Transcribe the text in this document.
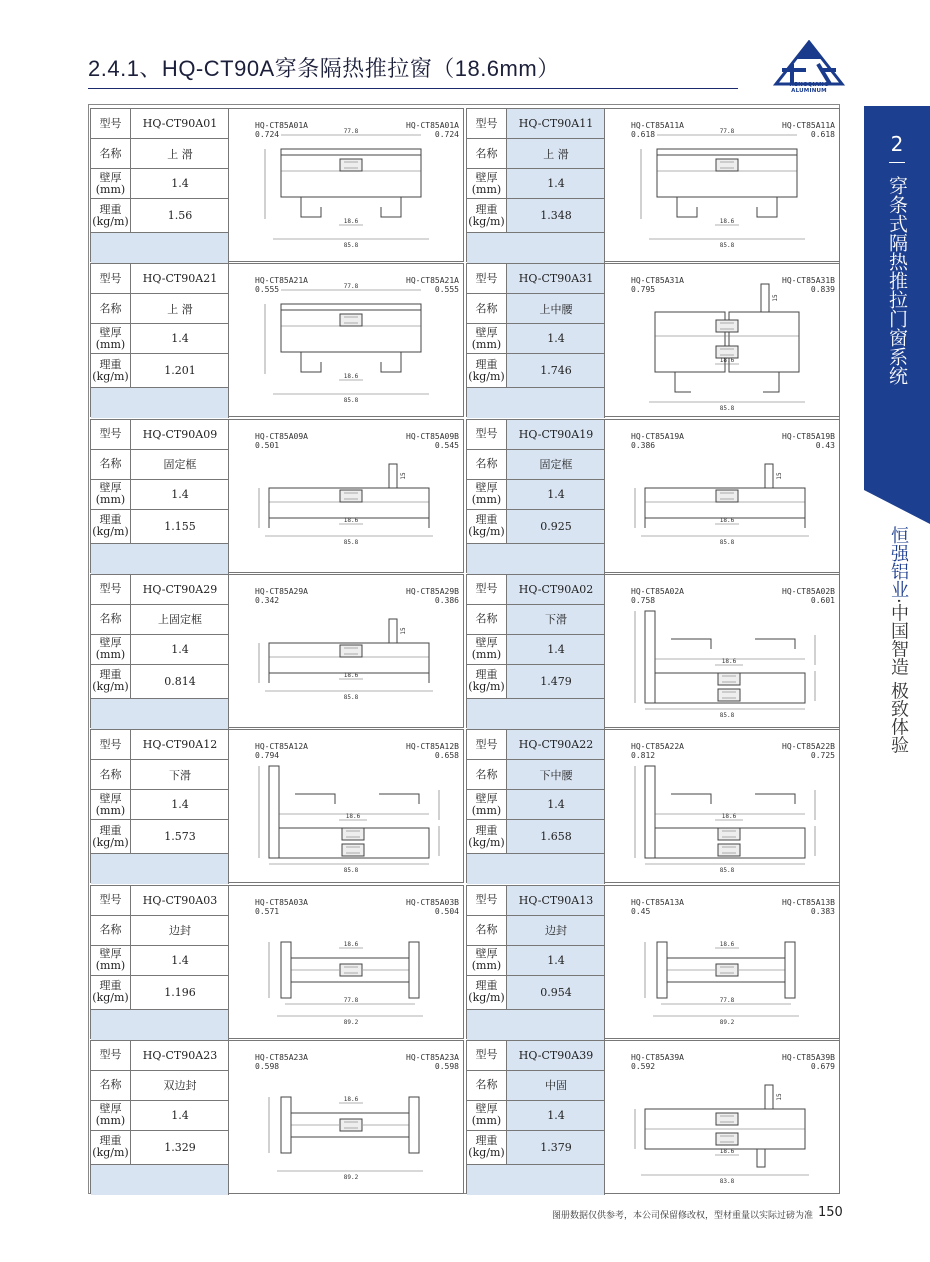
2.4.1、HQ-CT90A穿条隔热推拉窗（18.6mm）
HENGQIANG ALUMINUM
2
穿条式隔热推拉门窗系统
恒强铝业·中国智造 极致体验
型号	HQ-CT90A01
名称	上 滑
壁厚
(mm)	1.4
理重
(kg/m)	1.56
77.8
18.6
85.8
HQ-CT85A01A
0.724
HQ-CT85A01A
0.724
型号	HQ-CT90A11
名称	上 滑
壁厚
(mm)	1.4
理重
(kg/m)	1.348
77.8
18.6
85.8
HQ-CT85A11A
0.618
HQ-CT85A11A
0.618
型号	HQ-CT90A21
名称	上 滑
壁厚
(mm)	1.4
理重
(kg/m)	1.201
77.8
18.6
85.8
HQ-CT85A21A
0.555
HQ-CT85A21A
0.555
型号	HQ-CT90A31
名称	上中腰
壁厚
(mm)	1.4
理重
(kg/m)	1.746
15
18.6
85.8
HQ-CT85A31A
0.795
HQ-CT85A31B
0.839
型号	HQ-CT90A09
名称	固定框
壁厚
(mm)	1.4
理重
(kg/m)	1.155
15
18.6
85.8
HQ-CT85A09A
0.501
HQ-CT85A09B
0.545
型号	HQ-CT90A19
名称	固定框
壁厚
(mm)	1.4
理重
(kg/m)	0.925
15
18.6
85.8
HQ-CT85A19A
0.386
HQ-CT85A19B
0.43
型号	HQ-CT90A29
名称	上固定框
壁厚
(mm)	1.4
理重
(kg/m)	0.814
15
18.6
85.8
HQ-CT85A29A
0.342
HQ-CT85A29B
0.386
型号	HQ-CT90A02
名称	下滑
壁厚
(mm)	1.4
理重
(kg/m)	1.479
18.6
85.8
HQ-CT85A02A
0.758
HQ-CT85A02B
0.601
型号	HQ-CT90A12
名称	下滑
壁厚
(mm)	1.4
理重
(kg/m)	1.573
18.6
85.8
HQ-CT85A12A
0.794
HQ-CT85A12B
0.658
型号	HQ-CT90A22
名称	下中腰
壁厚
(mm)	1.4
理重
(kg/m)	1.658
18.6
85.8
HQ-CT85A22A
0.812
HQ-CT85A22B
0.725
型号	HQ-CT90A03
名称	边封
壁厚
(mm)	1.4
理重
(kg/m)	1.196
18.6
77.8
89.2
HQ-CT85A03A
0.571
HQ-CT85A03B
0.504
型号	HQ-CT90A13
名称	边封
壁厚
(mm)	1.4
理重
(kg/m)	0.954
18.6
77.8
89.2
HQ-CT85A13A
0.45
HQ-CT85A13B
0.383
型号	HQ-CT90A23
名称	双边封
壁厚
(mm)	1.4
理重
(kg/m)	1.329
18.6
89.2
HQ-CT85A23A
0.598
HQ-CT85A23A
0.598
型号	HQ-CT90A39
名称	中固
壁厚
(mm)	1.4
理重
(kg/m)	1.379
15
18.6
83.8
HQ-CT85A39A
0.592
HQ-CT85A39B
0.679
图册数据仅供参考，本公司保留修改权，型材重量以实际过磅为准 150
